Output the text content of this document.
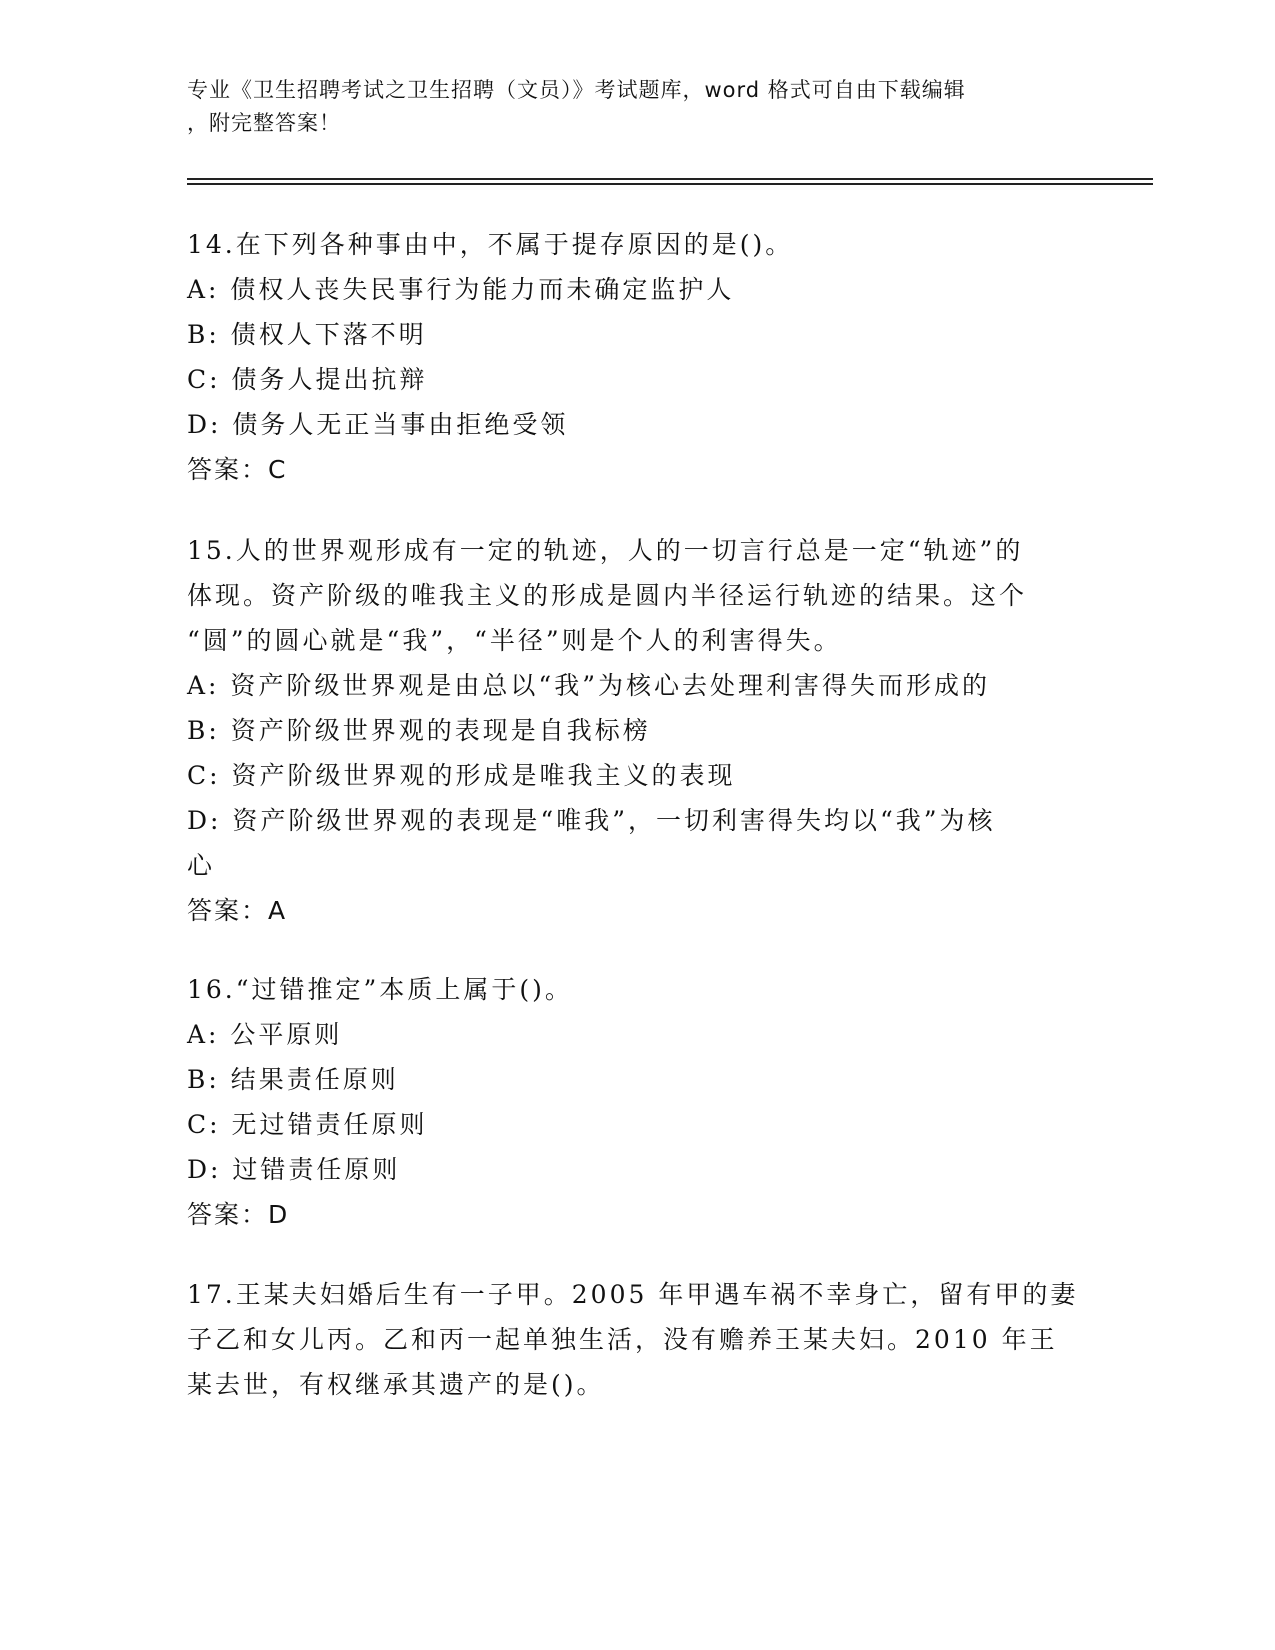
专业《卫生招聘考试之卫生招聘（文员）》考试题库，word 格式可自由下载编辑
，附完整答案！
14.在下列各种事由中，不属于提存原因的是()。
A: 债权人丧失民事行为能力而未确定监护人
B: 债权人下落不明
C: 债务人提出抗辩
D: 债务人无正当事由拒绝受领
答案：C
15.人的世界观形成有一定的轨迹，人的一切言行总是一定“轨迹”的
体现。资产阶级的唯我主义的形成是圆内半径运行轨迹的结果。这个
“圆”的圆心就是“我”，“半径”则是个人的利害得失。
A: 资产阶级世界观是由总以“我”为核心去处理利害得失而形成的
B: 资产阶级世界观的表现是自我标榜
C: 资产阶级世界观的形成是唯我主义的表现
D: 资产阶级世界观的表现是“唯我”，一切利害得失均以“我”为核
心
答案：A
16.“过错推定”本质上属于()。
A: 公平原则
B: 结果责任原则
C: 无过错责任原则
D: 过错责任原则
答案：D
17.王某夫妇婚后生有一子甲。2005 年甲遇车祸不幸身亡，留有甲的妻
子乙和女儿丙。乙和丙一起单独生活，没有赡养王某夫妇。2010 年王
某去世，有权继承其遗产的是()。
